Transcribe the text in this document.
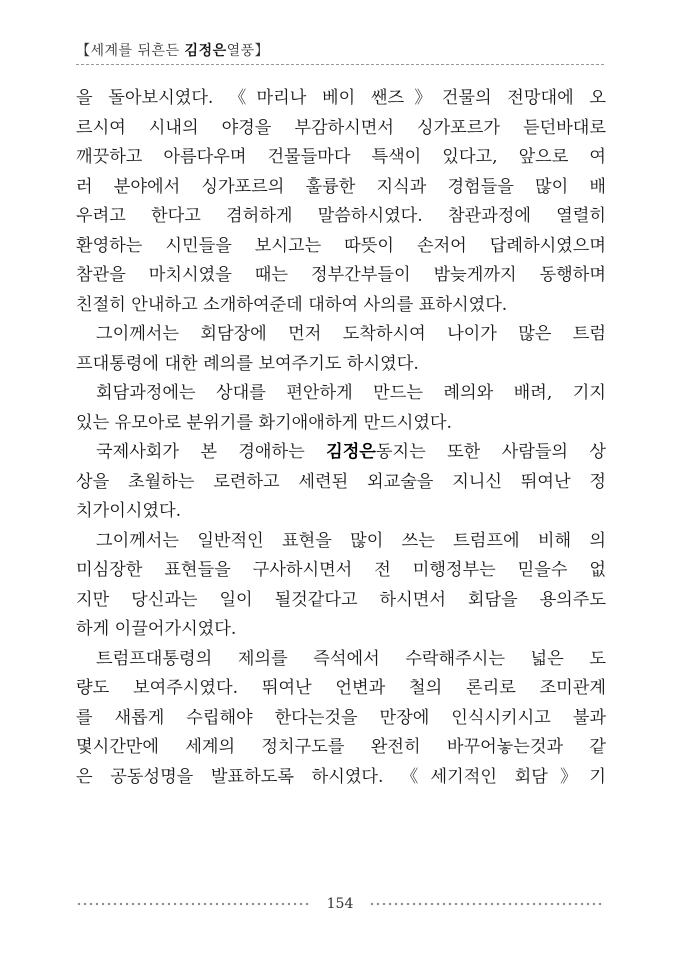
【세계를 뒤흔든 김정은열풍】
을 돌아보시였다. 《마리나 베이 쌘즈》건물의 전망대에 오
르시여 시내의 야경을 부감하시면서 싱가포르가 듣던바대로
깨끗하고 아름다우며 건물들마다 특색이 있다고, 앞으로 여
러 분야에서 싱가포르의 훌륭한 지식과 경험들을 많이 배
우려고 한다고 겸허하게 말씀하시였다. 참관과정에 열렬히
환영하는 시민들을 보시고는 따뜻이 손저어 답례하시였으며
참관을 마치시였을 때는 정부간부들이 밤늦게까지 동행하며
친절히 안내하고 소개하여준데 대하여 사의를 표하시였다.
그이께서는 회담장에 먼저 도착하시여 나이가 많은 트럼
프대통령에 대한 례의를 보여주기도 하시였다.
회담과정에는 상대를 편안하게 만드는 례의와 배려, 기지
있는 유모아로 분위기를 화기애애하게 만드시였다.
국제사회가 본 경애하는 김정은동지는 또한 사람들의 상
상을 초월하는 로련하고 세련된 외교술을 지니신 뛰여난 정
치가이시였다.
그이께서는 일반적인 표현을 많이 쓰는 트럼프에 비해 의
미심장한 표현들을 구사하시면서 전 미행정부는 믿을수 없
지만 당신과는 일이 될것같다고 하시면서 회담을 용의주도
하게 이끌어가시였다.
트럼프대통령의 제의를 즉석에서 수락해주시는 넓은 도
량도 보여주시였다. 뛰여난 언변과 철의 론리로 조미관계
를 새롭게 수립해야 한다는것을 만장에 인식시키시고 불과
몇시간만에 세계의 정치구도를 완전히 바꾸어놓는것과 같
은 공동성명을 발표하도록 하시였다. 《세기적인 회담》기
154
